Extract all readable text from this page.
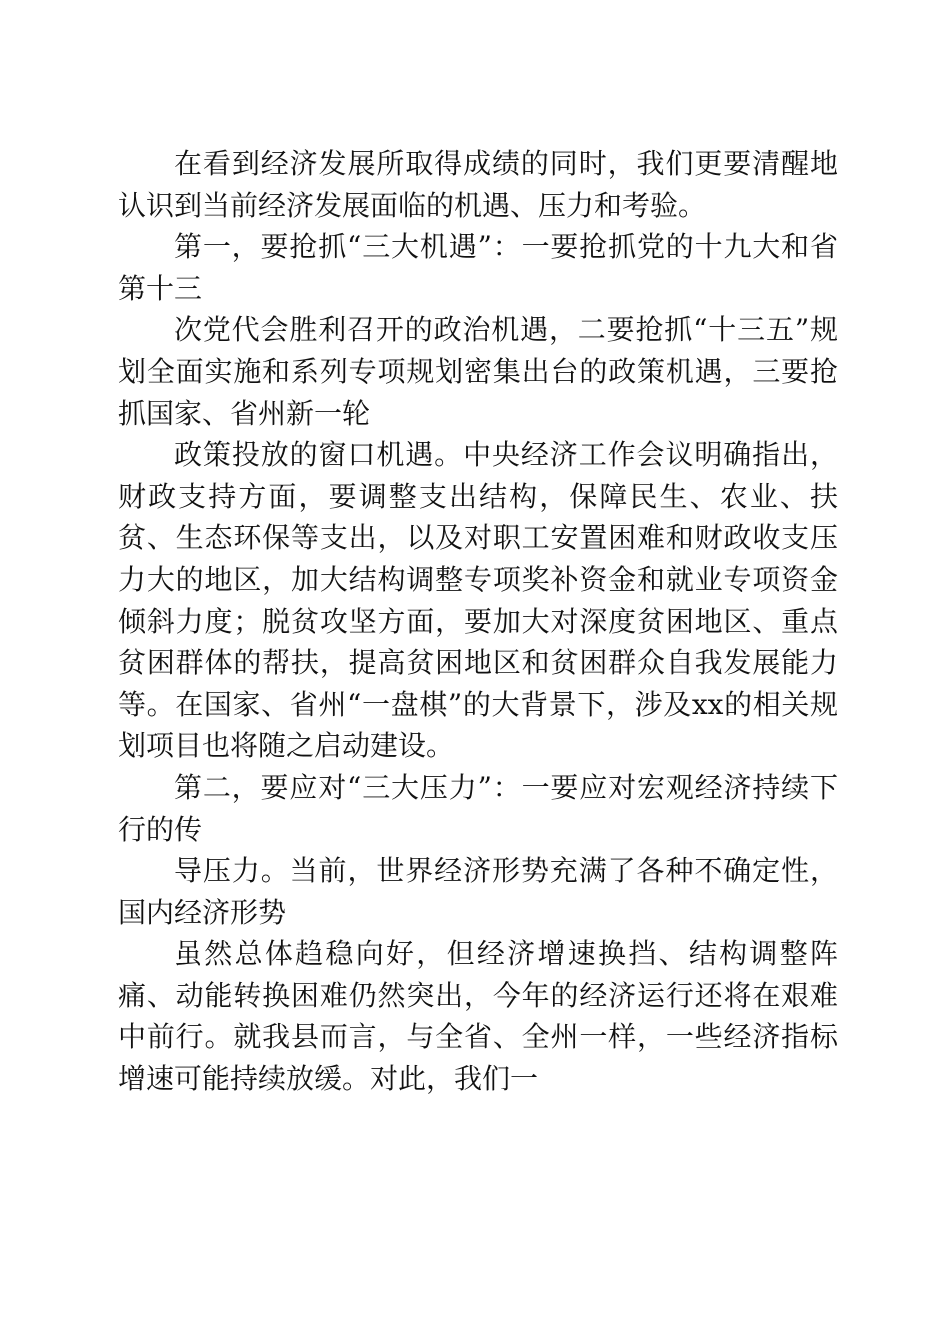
在看到经济发展所取得成绩的同时，我们更要清醒地认识到当前经济发展面临的机遇、压力和考验。

第一，要抢抓“三大机遇”：一要抢抓党的十九大和省第十三

次党代会胜利召开的政治机遇，二要抢抓“十三五”规划全面实施和系列专项规划密集出台的政策机遇，三要抢抓国家、省州新一轮

政策投放的窗口机遇。中央经济工作会议明确指出，财政支持方面，要调整支出结构，保障民生、农业、扶贫、生态环保等支出，以及对职工安置困难和财政收支压力大的地区，加大结构调整专项奖补资金和就业专项资金倾斜力度；脱贫攻坚方面，要加大对深度贫困地区、重点贫困群体的帮扶，提高贫困地区和贫困群众自我发展能力等。在国家、省州“一盘棋”的大背景下，涉及xx的相关规划项目也将随之启动建设。

第二，要应对“三大压力”：一要应对宏观经济持续下行的传

导压力。当前，世界经济形势充满了各种不确定性，国内经济形势

虽然总体趋稳向好，但经济增速换挡、结构调整阵痛、动能转换困难仍然突出，今年的经济运行还将在艰难中前行。就我县而言，与全省、全州一样，一些经济指标增速可能持续放缓。对此，我们一
